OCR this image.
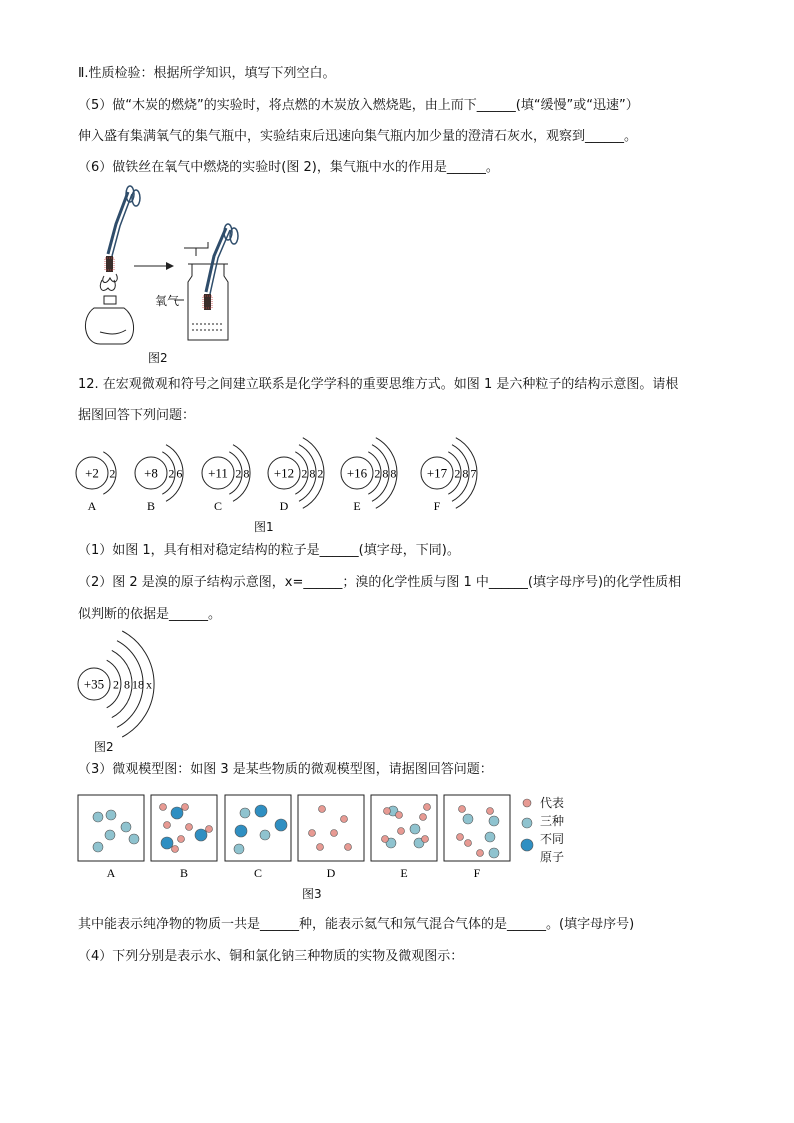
Ⅱ.性质检验：根据所学知识，填写下列空白。
（5）做“木炭的燃烧”的实验时，将点燃的木炭放入燃烧匙，由上而下______(填“缓慢”或“迅速”）
伸入盛有集满氧气的集气瓶中，实验结束后迅速向集气瓶内加少量的澄清石灰水，观察到______。
（6）做铁丝在氧气中燃烧的实验时(图 2)，集气瓶中水的作用是______。
氧气
图2
12. 在宏观微观和符号之间建立联系是化学学科的重要思维方式。如图 1 是六种粒子的结构示意图。请根
据图回答下列问题：
+2 2
A
+8 2 6
B
+11 2 8
C
+12 2 8 2
D
+16 2 8 8
E
+17 2 8 7
F
图1
（1）如图 1，具有相对稳定结构的粒子是______(填字母，下同)。
（2）图 2 是溴的原子结构示意图，x=______；溴的化学性质与图 1 中______(填字母序号)的化学性质相
似判断的依据是______。
+35 2 8 18 x
图2
（3）微观模型图：如图 3 是某些物质的微观模型图，请据图回答问题：
A	B	C	D	E	F
代表
三种
不同
原子
图3
其中能表示纯净物的物质一共是______种，能表示氦气和氖气混合气体的是______。(填字母序号)
（4）下列分别是表示水、铜和氯化钠三种物质的实物及微观图示：
